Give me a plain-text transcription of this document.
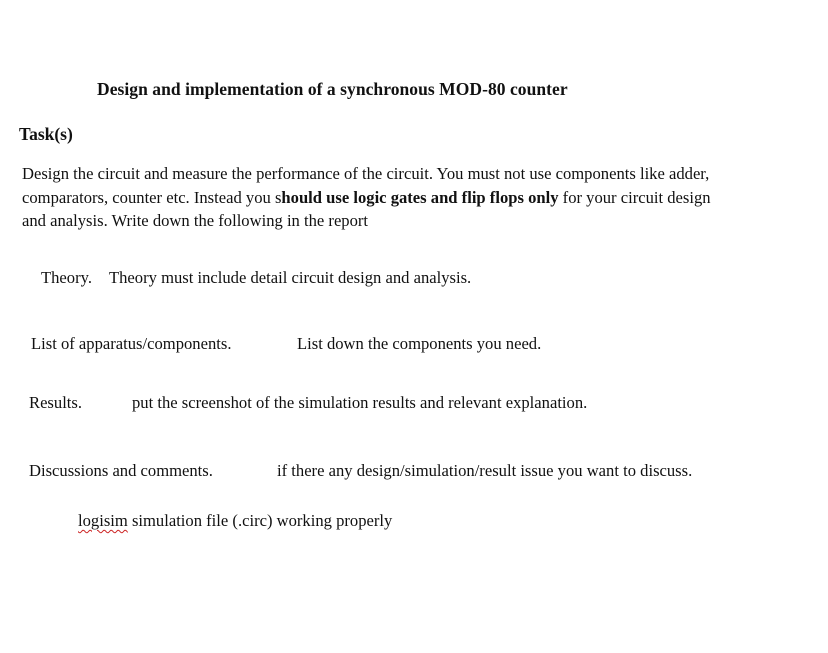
Design and implementation of a synchronous MOD-80 counter
Task(s)
Design the circuit and measure the performance of the circuit. You must not use components like adder,
comparators, counter etc. Instead you should use logic gates and flip flops only for your circuit design
and analysis. Write down the following in the report
Theory. Theory must include detail circuit design and analysis.
List of apparatus/components.	List down the components you need.
Results.	put the screenshot of the simulation results and relevant explanation.
Discussions and comments.	if there any design/simulation/result issue you want to discuss.
logisim simulation file (.circ) working properly
